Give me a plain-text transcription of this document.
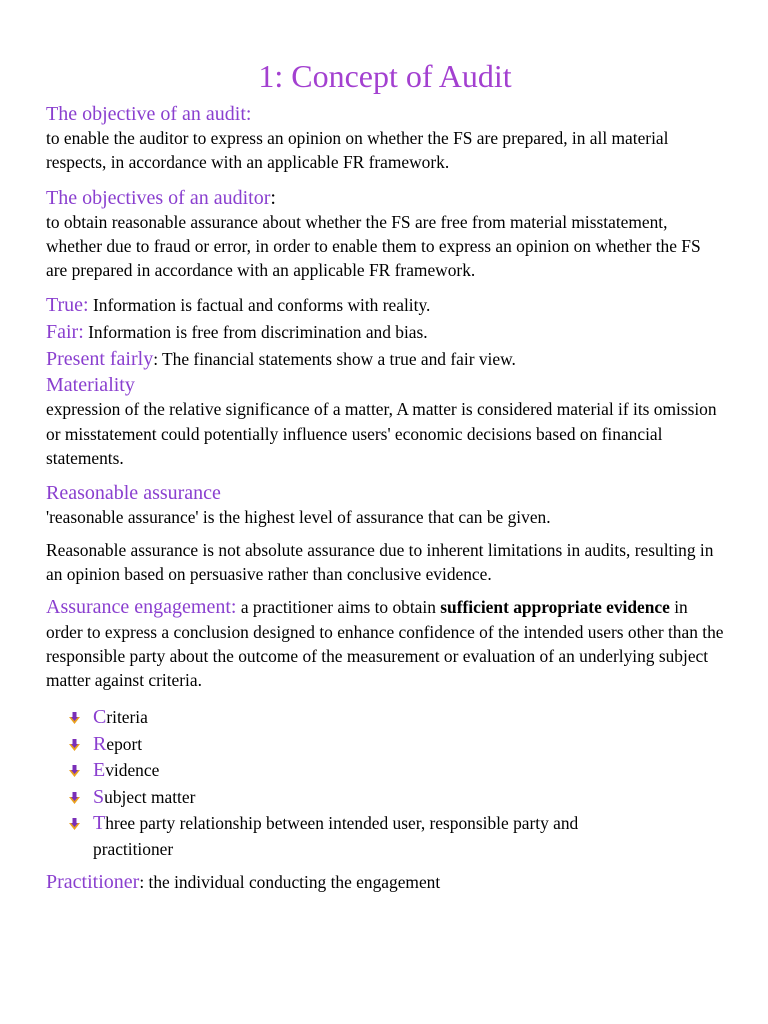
1: Concept of Audit
The objective of an audit:
to enable the auditor to express an opinion on whether the FS are prepared, in all material respects, in accordance with an applicable FR framework.
The objectives of an auditor:
to obtain reasonable assurance about whether the FS are free from material misstatement, whether due to fraud or error, in order to enable them to express an opinion on whether the FS are prepared in accordance with an applicable FR framework.
True: Information is factual and conforms with reality.
Fair: Information is free from discrimination and bias.
Present fairly: The financial statements show a true and fair view.
Materiality
expression of the relative significance of a matter, A matter is considered material if its omission or misstatement could potentially influence users' economic decisions based on financial statements.
Reasonable assurance
'reasonable assurance' is the highest level of assurance that can be given.
Reasonable assurance is not absolute assurance due to inherent limitations in audits, resulting in an opinion based on persuasive rather than conclusive evidence.
Assurance engagement: a practitioner aims to obtain sufficient appropriate evidence in order to express a conclusion designed to enhance confidence of the intended users other than the responsible party about the outcome of the measurement or evaluation of an underlying subject matter against criteria.
Criteria
Report
Evidence
Subject matter
Three party relationship between intended user, responsible party and
practitioner
Practitioner: the individual conducting the engagement
